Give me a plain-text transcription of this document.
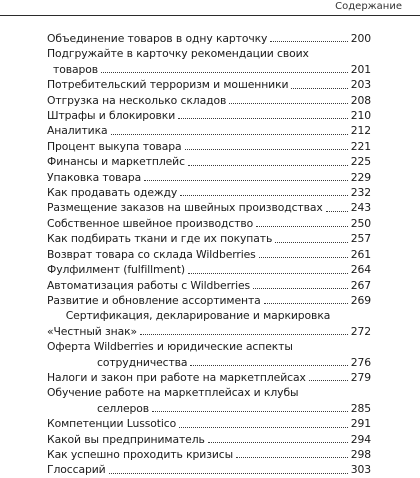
Содержание
Объединение товаров в одну карточку	200
Подгружайте в карточку рекомендации своих
товаров	201
Потребительский терроризм и мошенники	203
Отгрузка на несколько складов	208
Штрафы и блокировки	210
Аналитика	212
Процент выкупа товара	221
Финансы и маркетплейс	225
Упаковка товара	229
Как продавать одежду	232
Размещение заказов на швейных производствах	243
Собственное швейное производство	250
Как подбирать ткани и где их покупать	257
Возврат товара со склада Wildberries	261
Фулфилмент (fulfillment)	264
Автоматизация работы с Wildberries	267
Развитие и обновление ассортимента	269
Сертификация, декларирование и маркировка
«Честный знак»	272
Оферта Wildberries и юридические аспекты
сотрудничества	276
Налоги и закон при работе на маркетплейсах	279
Обучение работе на маркетплейсах и клубы
селлеров	285
Компетенции Lussotico	291
Какой вы предприниматель	294
Как успешно проходить кризисы	298
Глоссарий	303
